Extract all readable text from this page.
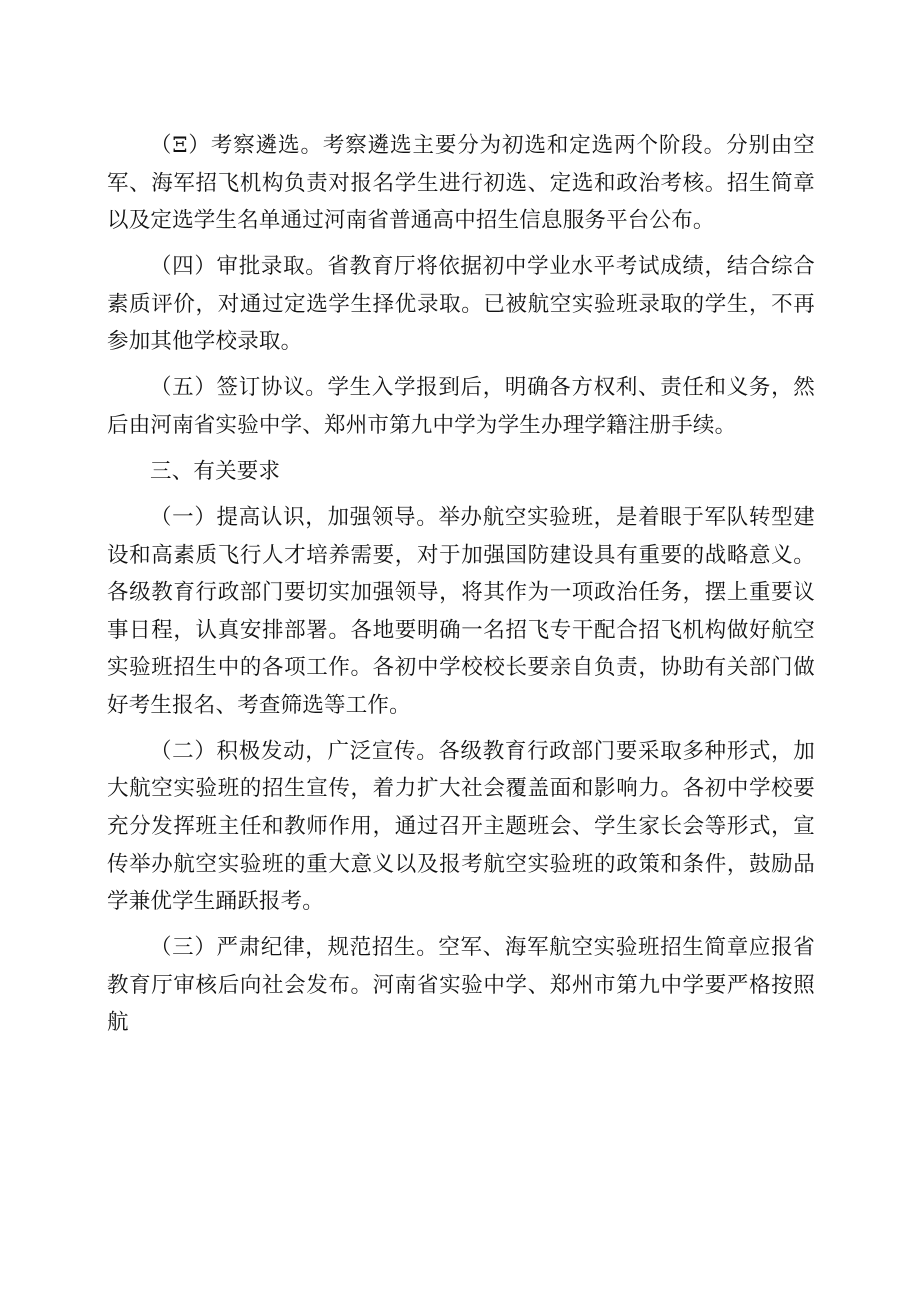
（Ξ）考察遴选。考察遴选主要分为初选和定选两个阶段。分别由空军、海军招飞机构负责对报名学生进行初选、定选和政治考核。招生简章以及定选学生名单通过河南省普通高中招生信息服务平台公布。

（四）审批录取。省教育厅将依据初中学业水平考试成绩，结合综合素质评价，对通过定选学生择优录取。已被航空实验班录取的学生，不再参加其他学校录取。

（五）签订协议。学生入学报到后，明确各方权利、责任和义务，然后由河南省实验中学、郑州市第九中学为学生办理学籍注册手续。

三、有关要求

（一）提高认识，加强领导。举办航空实验班，是着眼于军队转型建设和高素质飞行人才培养需要，对于加强国防建设具有重要的战略意义。各级教育行政部门要切实加强领导，将其作为一项政治任务，摆上重要议事日程，认真安排部署。各地要明确一名招飞专干配合招飞机构做好航空实验班招生中的各项工作。各初中学校校长要亲自负责，协助有关部门做好考生报名、考查筛选等工作。

（二）积极发动，广泛宣传。各级教育行政部门要采取多种形式，加大航空实验班的招生宣传，着力扩大社会覆盖面和影响力。各初中学校要充分发挥班主任和教师作用，通过召开主题班会、学生家长会等形式，宣传举办航空实验班的重大意义以及报考航空实验班的政策和条件，鼓励品学兼优学生踊跃报考。

（三）严肃纪律，规范招生。空军、海军航空实验班招生简章应报省教育厅审核后向社会发布。河南省实验中学、郑州市第九中学要严格按照航
